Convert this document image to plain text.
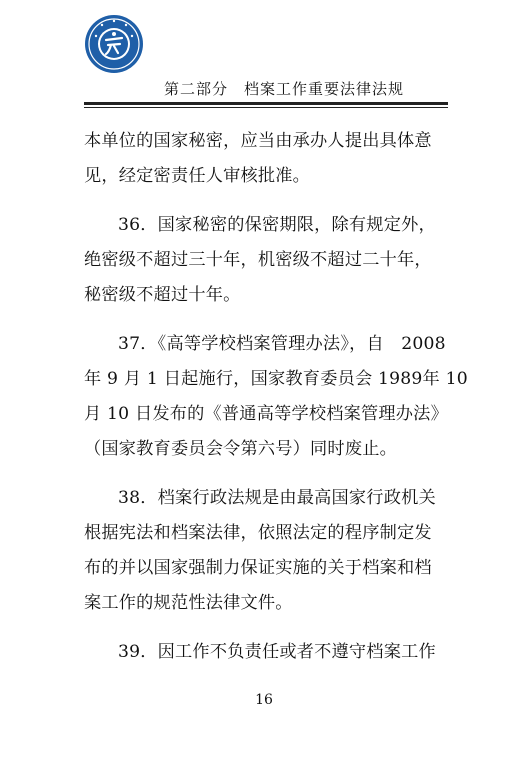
第二部分　档案工作重要法律法规

本单位的国家秘密，应当由承办人提出具体意
见，经定密责任人审核批准。

36．国家秘密的保密期限，除有规定外，
绝密级不超过三十年，机密级不超过二十年，
秘密级不超过十年。

37．《高等学校档案管理办法》，自　2008
年 9 月 1 日起施行，国家教育委员会 1989年 10
月 10 日发布的《普通高等学校档案管理办法》
（国家教育委员会令第六号）同时废止。

38．档案行政法规是由最高国家行政机关
根据宪法和档案法律，依照法定的程序制定发
布的并以国家强制力保证实施的关于档案和档
案工作的规范性法律文件。

39．因工作不负责任或者不遵守档案工作

16
